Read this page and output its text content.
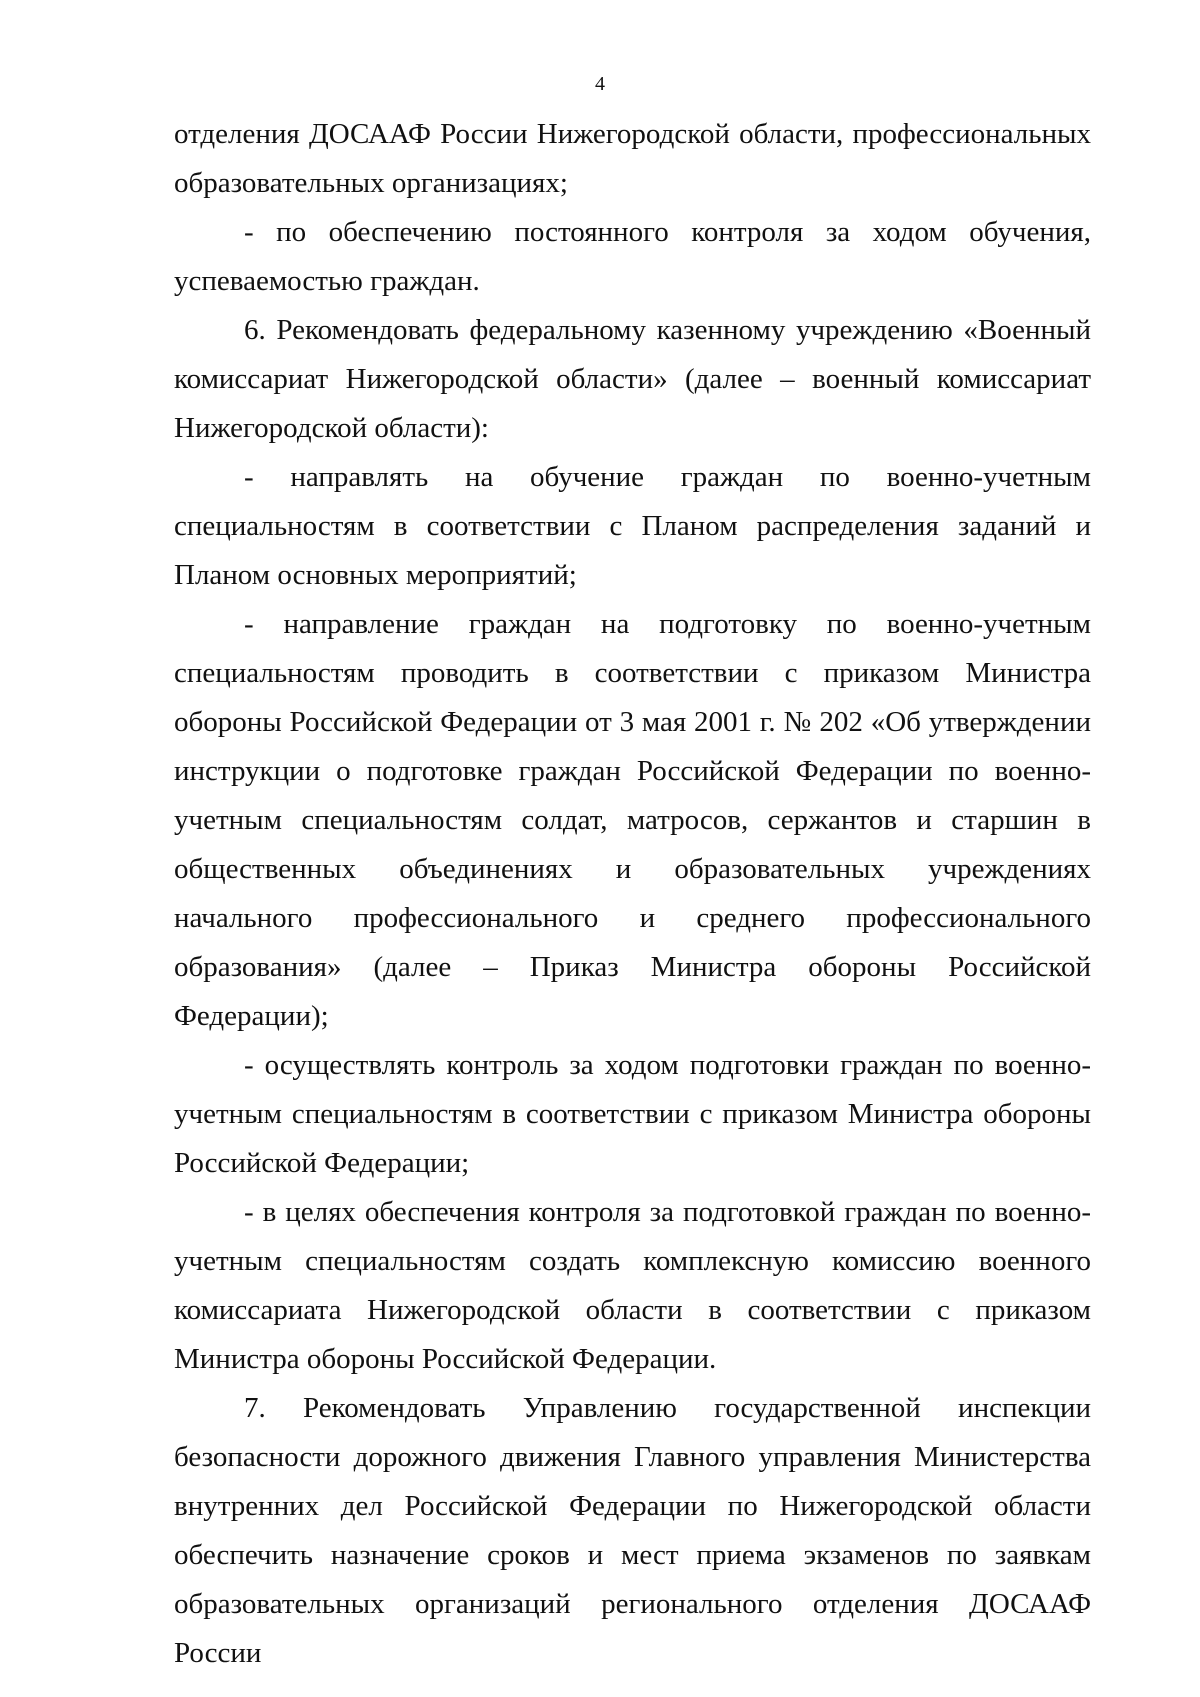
4

отделения ДОСААФ России Нижегородской области, профессиональных образовательных организациях;

- по обеспечению постоянного контроля за ходом обучения, успеваемостью граждан.

6. Рекомендовать федеральному казенному учреждению «Военный комиссариат Нижегородской области» (далее – военный комиссариат Нижегородской области):

- направлять на обучение граждан по военно-учетным специальностям в соответствии с Планом распределения заданий и Планом основных мероприятий;

- направление граждан на подготовку по военно-учетным специальностям проводить в соответствии с приказом Министра обороны Российской Федерации от 3 мая 2001 г. № 202 «Об утверждении инструкции о подготовке граждан Российской Федерации по военно-учетным специальностям солдат, матросов, сержантов и старшин в общественных объединениях и образовательных учреждениях начального профессионального и среднего профессионального образования» (далее – Приказ Министра обороны Российской Федерации);

- осуществлять контроль за ходом подготовки граждан по военно-учетным специальностям в соответствии с приказом Министра обороны Российской Федерации;

- в целях обеспечения контроля за подготовкой граждан по военно-учетным специальностям создать комплексную комиссию военного комиссариата Нижегородской области в соответствии с приказом Министра обороны Российской Федерации.

7. Рекомендовать Управлению государственной инспекции безопасности дорожного движения Главного управления Министерства внутренних дел Российской Федерации по Нижегородской области обеспечить назначение сроков и мест приема экзаменов по заявкам образовательных организаций регионального отделения ДОСААФ России
